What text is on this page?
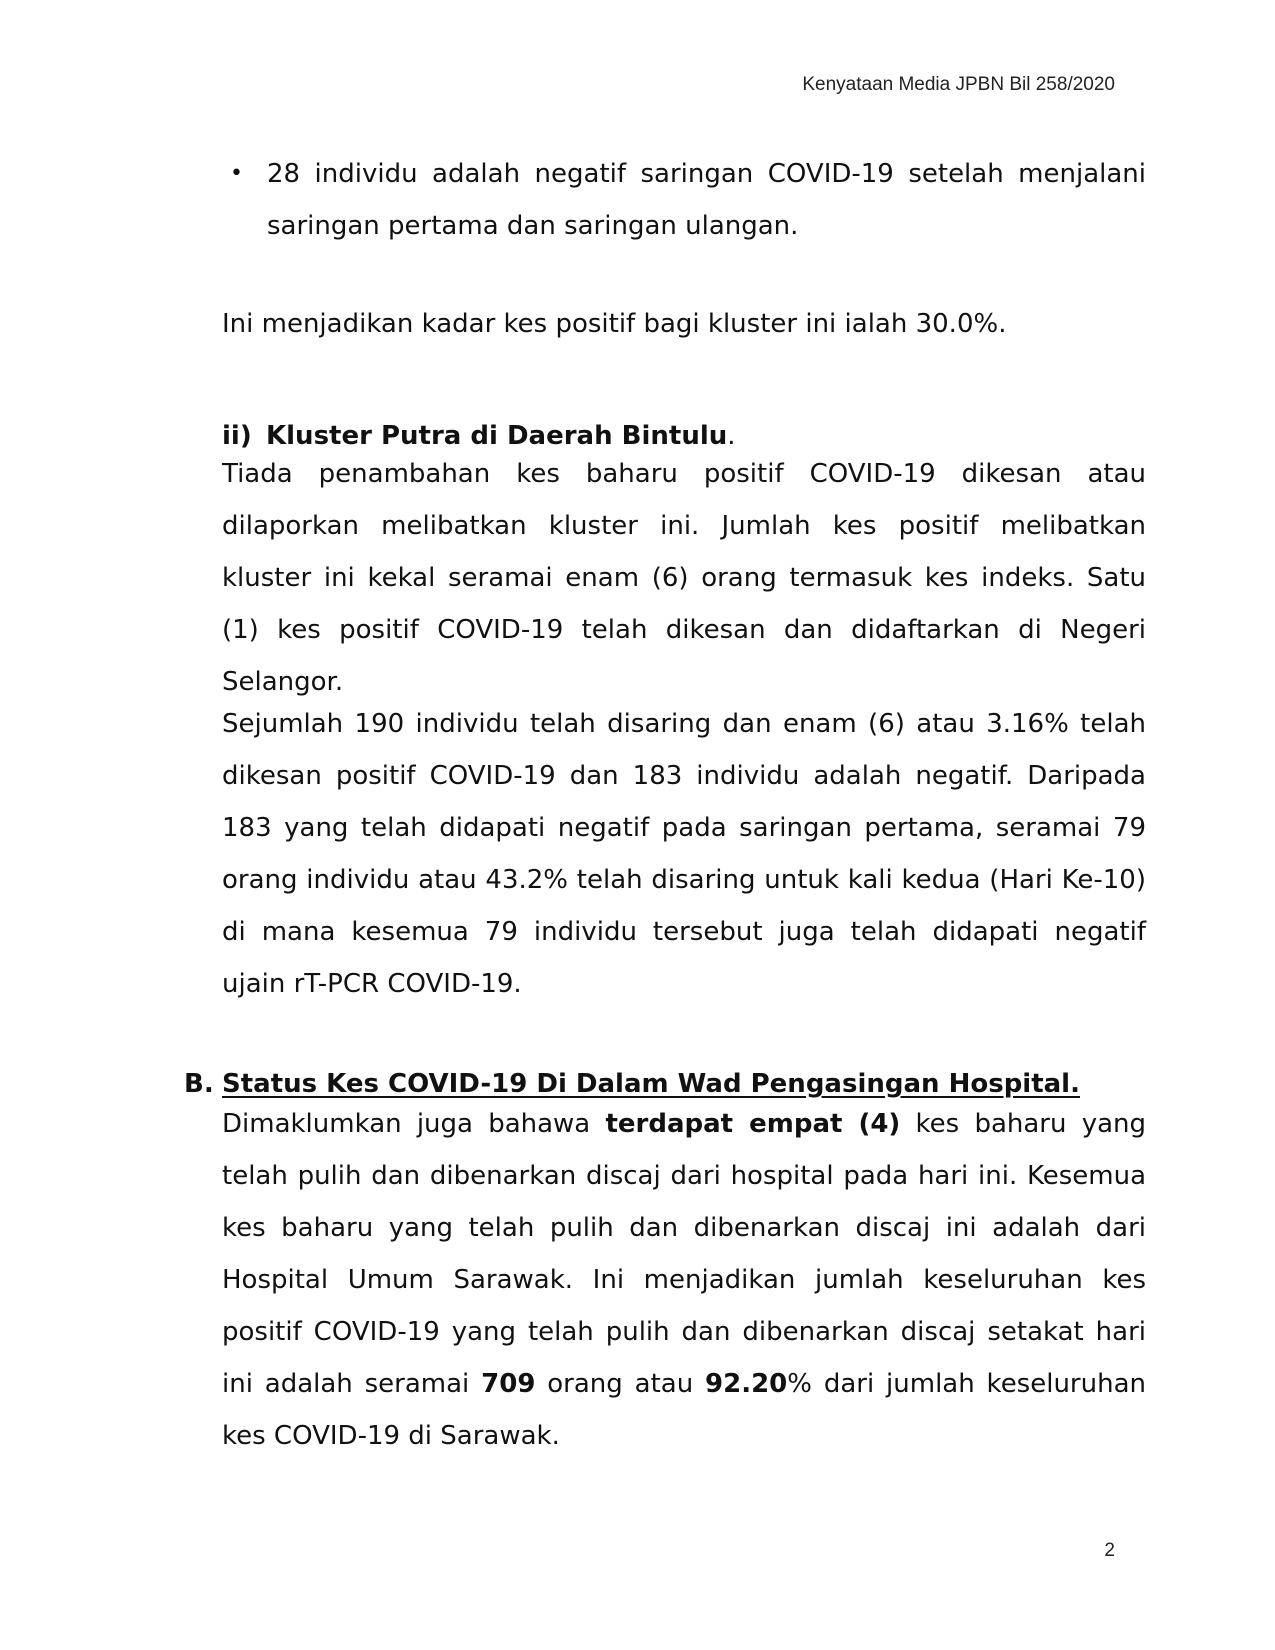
Kenyataan Media JPBN Bil 258/2020
• 28 individu adalah negatif saringan COVID-19 setelah menjalani saringan pertama dan saringan ulangan.
Ini menjadikan kadar kes positif bagi kluster ini ialah 30.0%.
ii) Kluster Putra di Daerah Bintulu.
Tiada penambahan kes baharu positif COVID-19 dikesan atau dilaporkan melibatkan kluster ini. Jumlah kes positif melibatkan kluster ini kekal seramai enam (6) orang termasuk kes indeks. Satu (1) kes positif COVID-19 telah dikesan dan didaftarkan di Negeri Selangor.
Sejumlah 190 individu telah disaring dan enam (6) atau 3.16% telah dikesan positif COVID-19 dan 183 individu adalah negatif. Daripada 183 yang telah didapati negatif pada saringan pertama, seramai 79 orang individu atau 43.2% telah disaring untuk kali kedua (Hari Ke-10) di mana kesemua 79 individu tersebut juga telah didapati negatif ujain rT-PCR COVID-19.
B. Status Kes COVID-19 Di Dalam Wad Pengasingan Hospital.
Dimaklumkan juga bahawa terdapat empat (4) kes baharu yang telah pulih dan dibenarkan discaj dari hospital pada hari ini. Kesemua kes baharu yang telah pulih dan dibenarkan discaj ini adalah dari Hospital Umum Sarawak. Ini menjadikan jumlah keseluruhan kes positif COVID-19 yang telah pulih dan dibenarkan discaj setakat hari ini adalah seramai 709 orang atau 92.20% dari jumlah keseluruhan kes COVID-19 di Sarawak.
2
